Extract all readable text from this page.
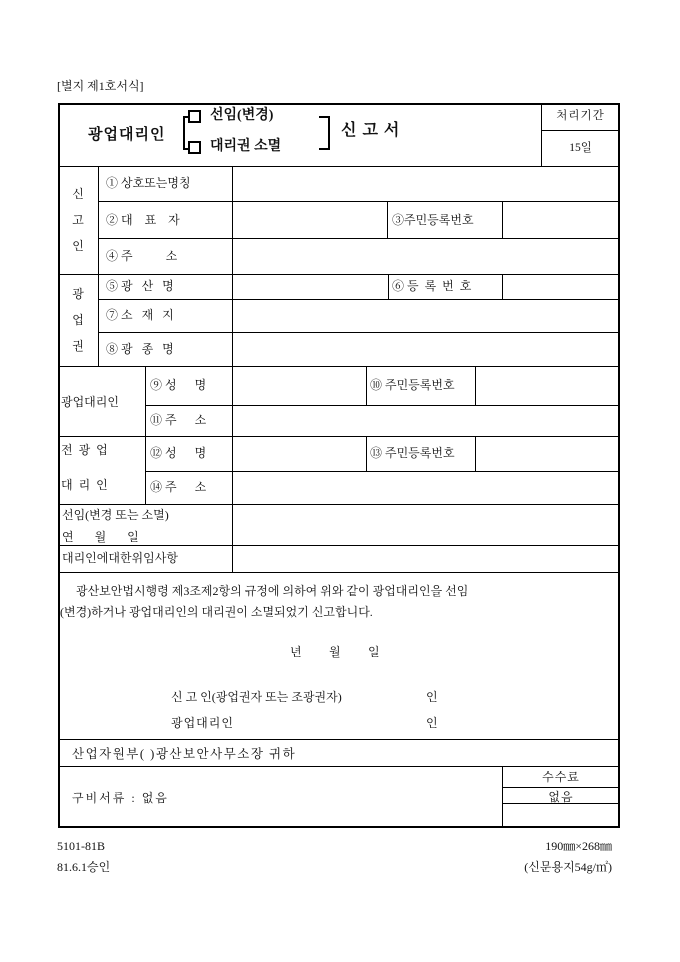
[별지 제1호서식]
광업대리인
선임(변경)
대리권 소멸
신고서
처리기간
15일
신고인
① 상호또는명칭
② 대    표    자	③주민등록번호
④ 주           소
광업권
⑤ 광   산   명	⑥ 등  록  번  호
⑦ 소   재   지
⑧ 광   종   명
광업대리인
⑨ 성      명	⑩ 주민등록번호
⑪ 주      소
전  광  업
대  리  인
⑫ 성      명	⑬ 주민등록번호
⑭ 주      소
선임(변경 또는 소멸)
연       월       일
대리인에대한위임사항
광산보안법시행령 제3조제2항의 규정에 의하여 위와 같이 광업대리인을 선임
(변경)하거나 광업대리인의 대리권이 소멸되었기 신고합니다.
년 월 일
신 고 인(광업권자 또는 조광권자)	인
광업대리인	인
산업자원부( )광산보안사무소장 귀하
구비서류 : 없음
수수료
없음
5101-81B
81.6.1승인
190㎜×268㎜
(신문용지54g/㎡)
